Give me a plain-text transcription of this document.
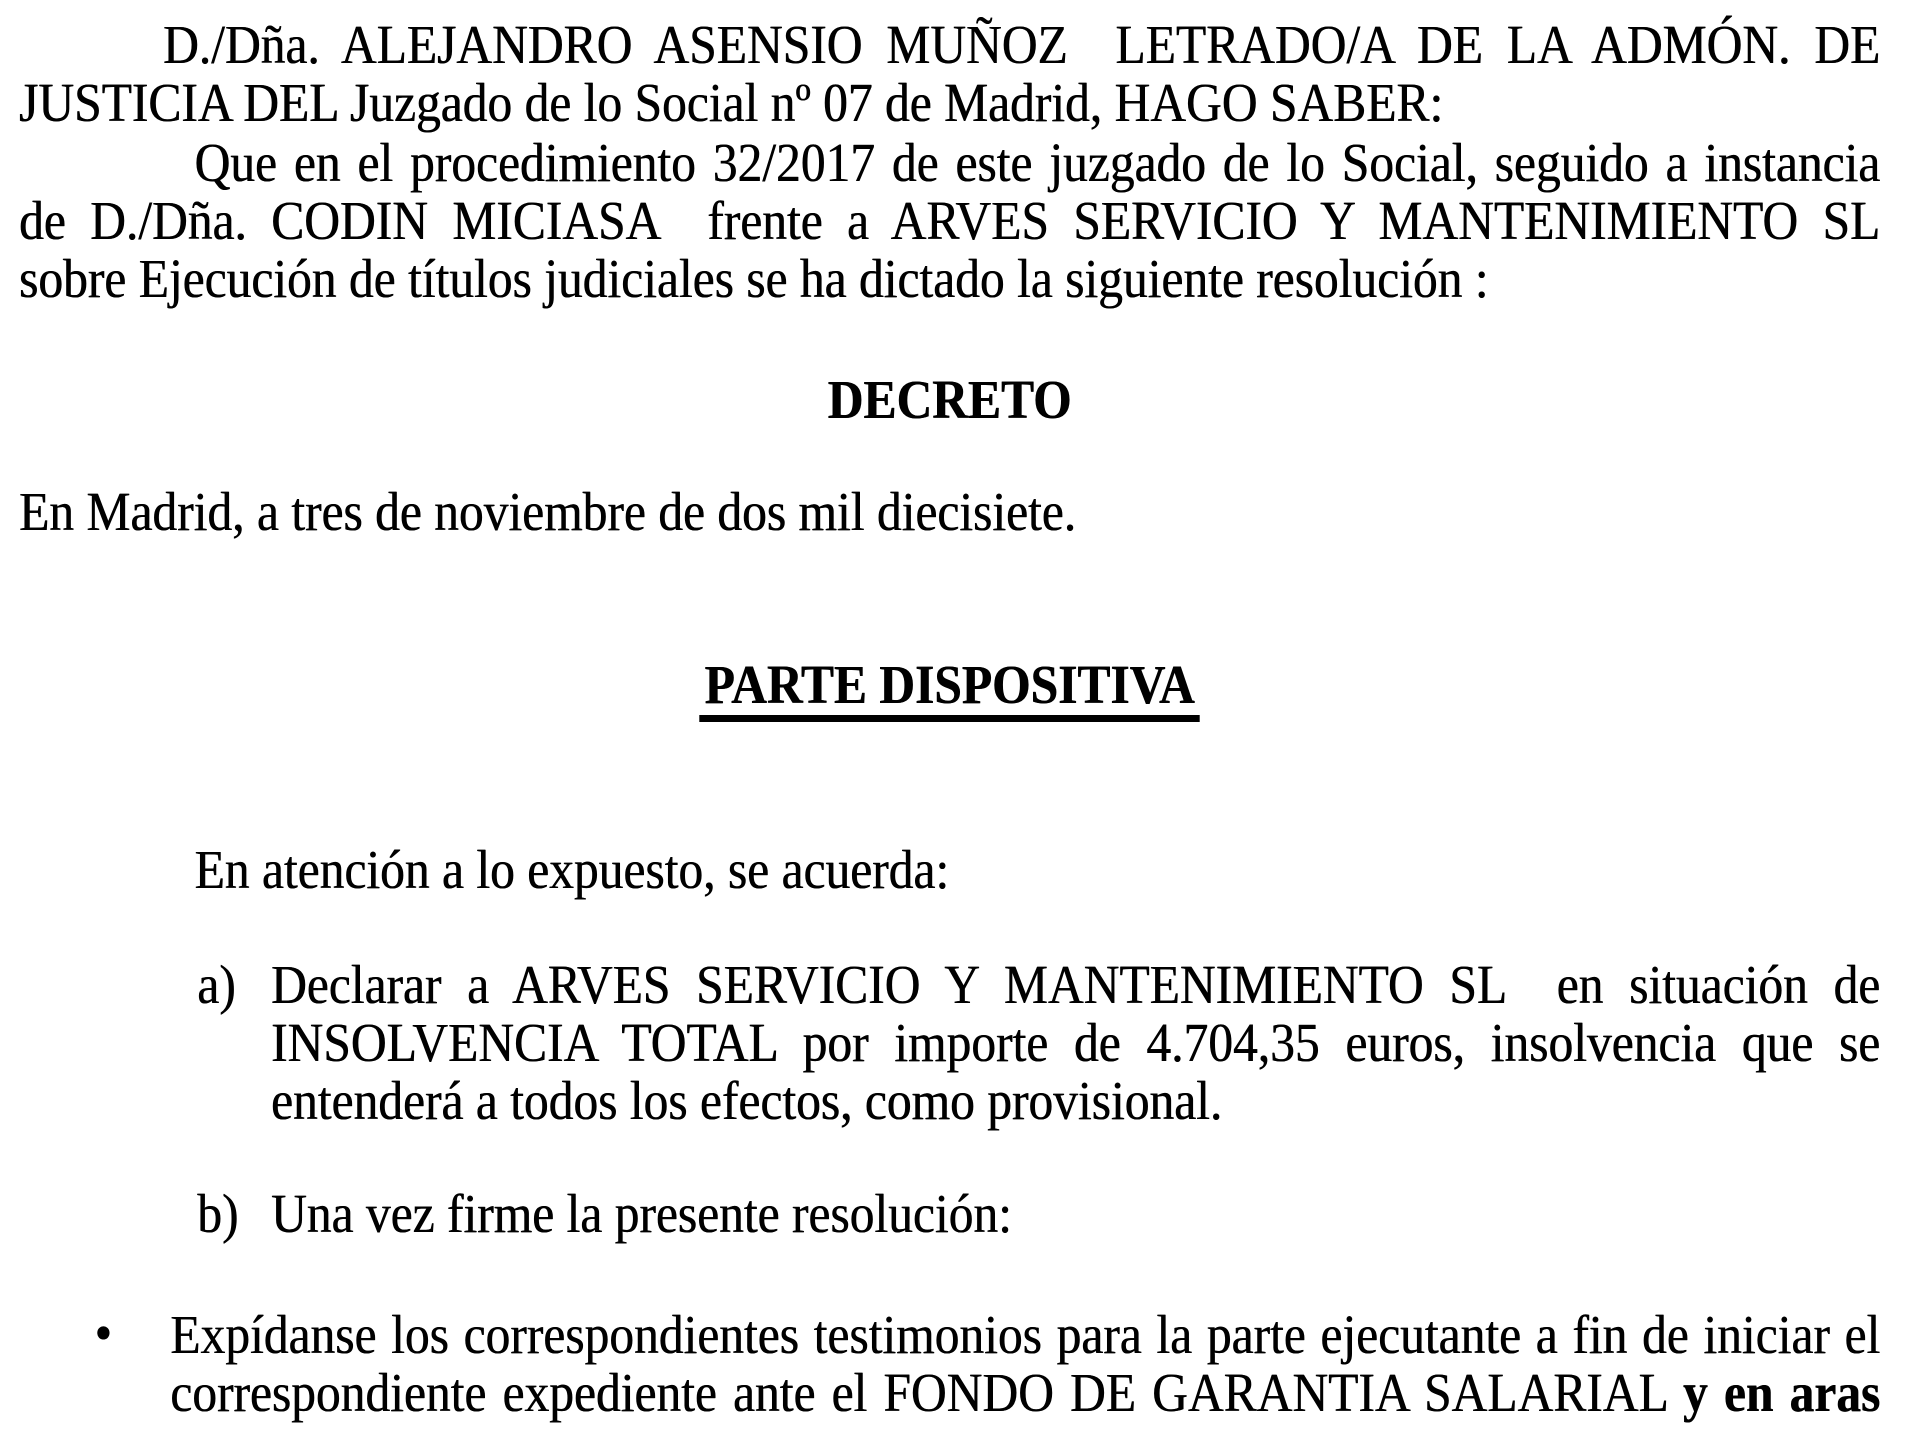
D./Dña. ALEJANDRO ASENSIO MUÑOZ  LETRADO/A DE LA ADMÓN. DE
JUSTICIA DEL Juzgado de lo Social nº 07 de Madrid, HAGO SABER:
Que en el procedimiento 32/2017 de este juzgado de lo Social, seguido a instancia
de D./Dña. CODIN MICIASA  frente a ARVES SERVICIO Y MANTENIMIENTO SL
sobre Ejecución de títulos judiciales se ha dictado la siguiente resolución :
DECRETO
En Madrid, a tres de noviembre de dos mil diecisiete.
PARTE DISPOSITIVA
En atención a lo expuesto, se acuerda:
a) Declarar a ARVES SERVICIO Y MANTENIMIENTO SL  en situación de
INSOLVENCIA TOTAL por importe de 4.704,35 euros, insolvencia que se
entenderá a todos los efectos, como provisional.
b) Una vez firme la presente resolución:
• Expídanse los correspondientes testimonios para la parte ejecutante a fin de iniciar el
correspondiente expediente ante el FONDO DE GARANTIA SALARIAL y en aras
